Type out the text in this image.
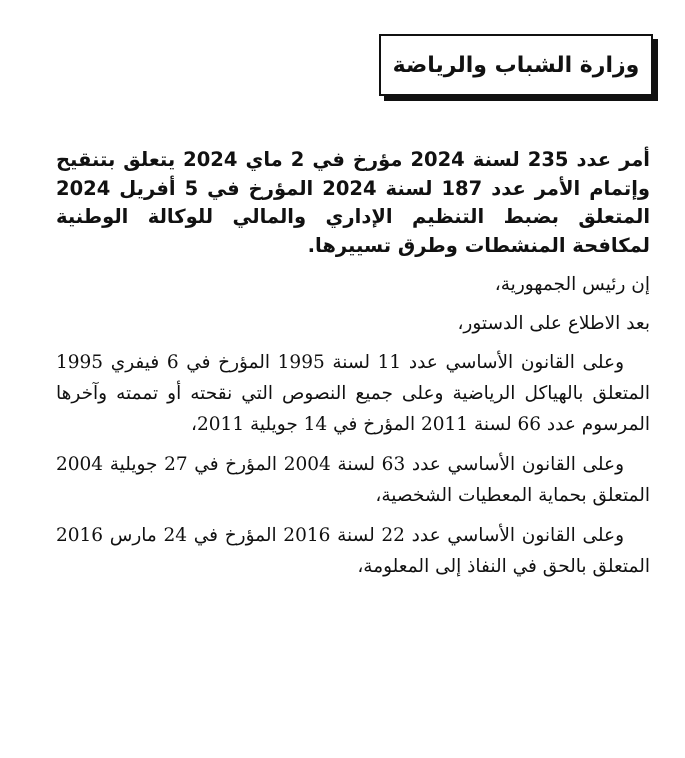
وزارة الشباب والرياضة

أمر عدد 235 لسنة 2024 مؤرخ في 2 ماي 2024 يتعلق بتنقيح وإتمام الأمر عدد 187 لسنة 2024 المؤرخ في 5 أفريل 2024 المتعلق بضبط التنظيم الإداري والمالي للوكالة الوطنية لمكافحة المنشطات وطرق تسييرها.

إن رئيس الجمهورية،

بعد الاطلاع على الدستور،

وعلى القانون الأساسي عدد 11 لسنة 1995 المؤرخ في 6 فيفري 1995 المتعلق بالهياكل الرياضية وعلى جميع النصوص التي نقحته أو تممته وآخرها المرسوم عدد 66 لسنة 2011 المؤرخ في 14 جويلية 2011،

وعلى القانون الأساسي عدد 63 لسنة 2004 المؤرخ في 27 جويلية 2004 المتعلق بحماية المعطيات الشخصية،

وعلى القانون الأساسي عدد 22 لسنة 2016 المؤرخ في 24 مارس 2016 المتعلق بالحق في النفاذ إلى المعلومة،
